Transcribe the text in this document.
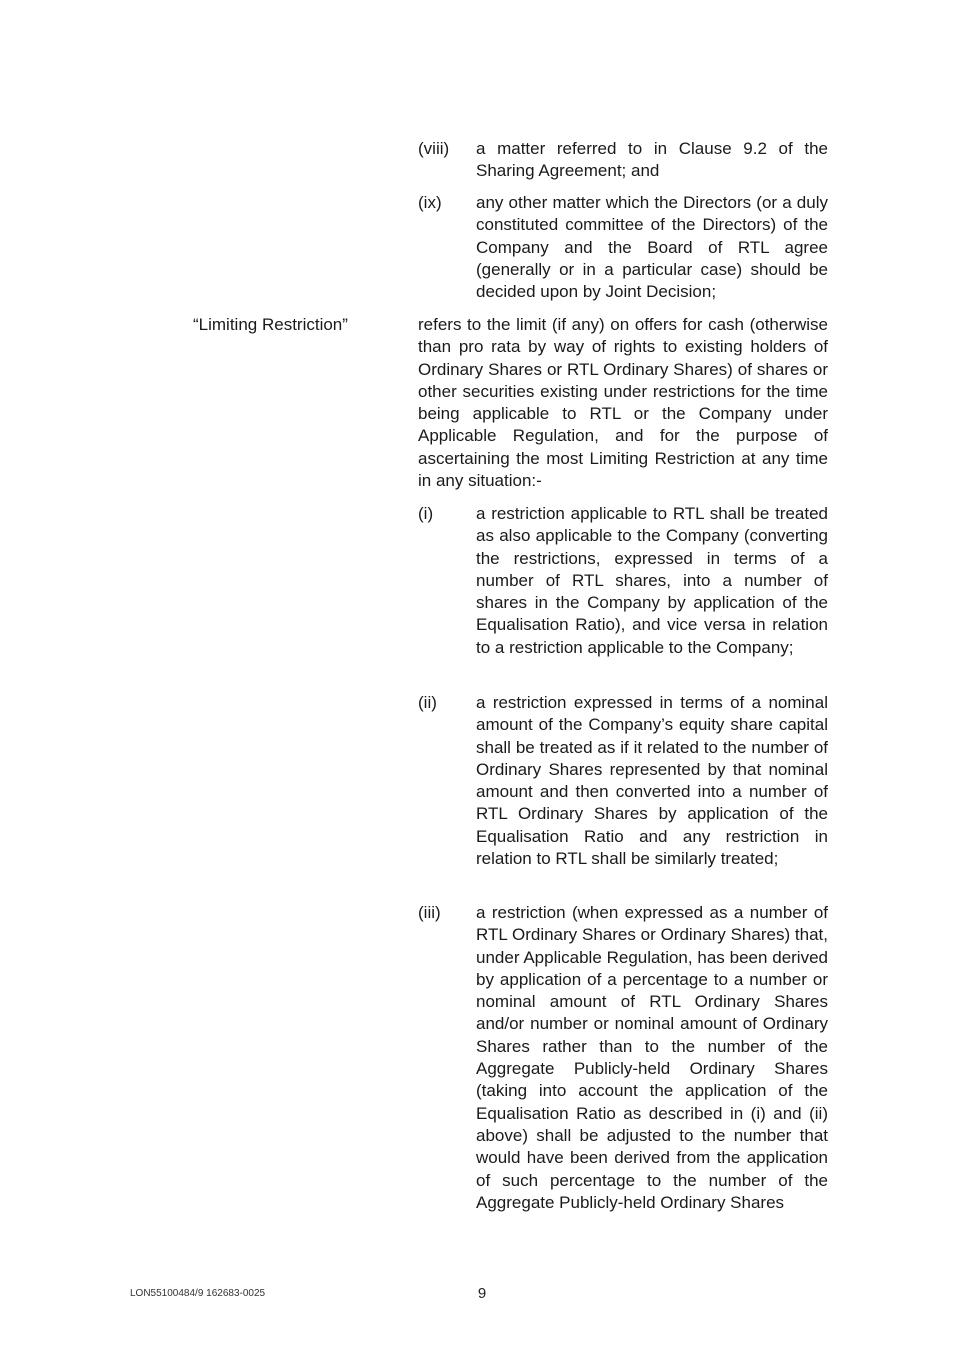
(viii) a matter referred to in Clause 9.2 of the Sharing Agreement; and
(ix) any other matter which the Directors (or a duly constituted committee of the Directors) of the Company and the Board of RTL agree (generally or in a particular case) should be decided upon by Joint Decision;
“Limiting Restriction”	refers to the limit (if any) on offers for cash (otherwise than pro rata by way of rights to existing holders of Ordinary Shares or RTL Ordinary Shares) of shares or other securities existing under restrictions for the time being applicable to RTL or the Company under Applicable Regulation, and for the purpose of ascertaining the most Limiting Restriction at any time in any situation:-
(i)	a restriction applicable to RTL shall be treated as also applicable to the Company (converting the restrictions, expressed in terms of a number of RTL shares, into a number of shares in the Company by application of the Equalisation Ratio), and vice versa in relation to a restriction applicable to the Company;
(ii) a restriction expressed in terms of a nominal amount of the Company’s equity share capital shall be treated as if it related to the number of Ordinary Shares represented by that nominal amount and then converted into a number of RTL Ordinary Shares by application of the Equalisation Ratio and any restriction in relation to RTL shall be similarly treated;
(iii) a restriction (when expressed as a number of RTL Ordinary Shares or Ordinary Shares) that, under Applicable Regulation, has been derived by application of a percentage to a number or nominal amount of RTL Ordinary Shares and/or number or nominal amount of Ordinary Shares rather than to the number of the Aggregate Publicly-held Ordinary Shares (taking into account the application of the Equalisation Ratio as described in (i) and (ii) above) shall be adjusted to the number that would have been derived from the application of such percentage to the number of the Aggregate Publicly-held Ordinary Shares
LON55100484/9 162683-0025	9
